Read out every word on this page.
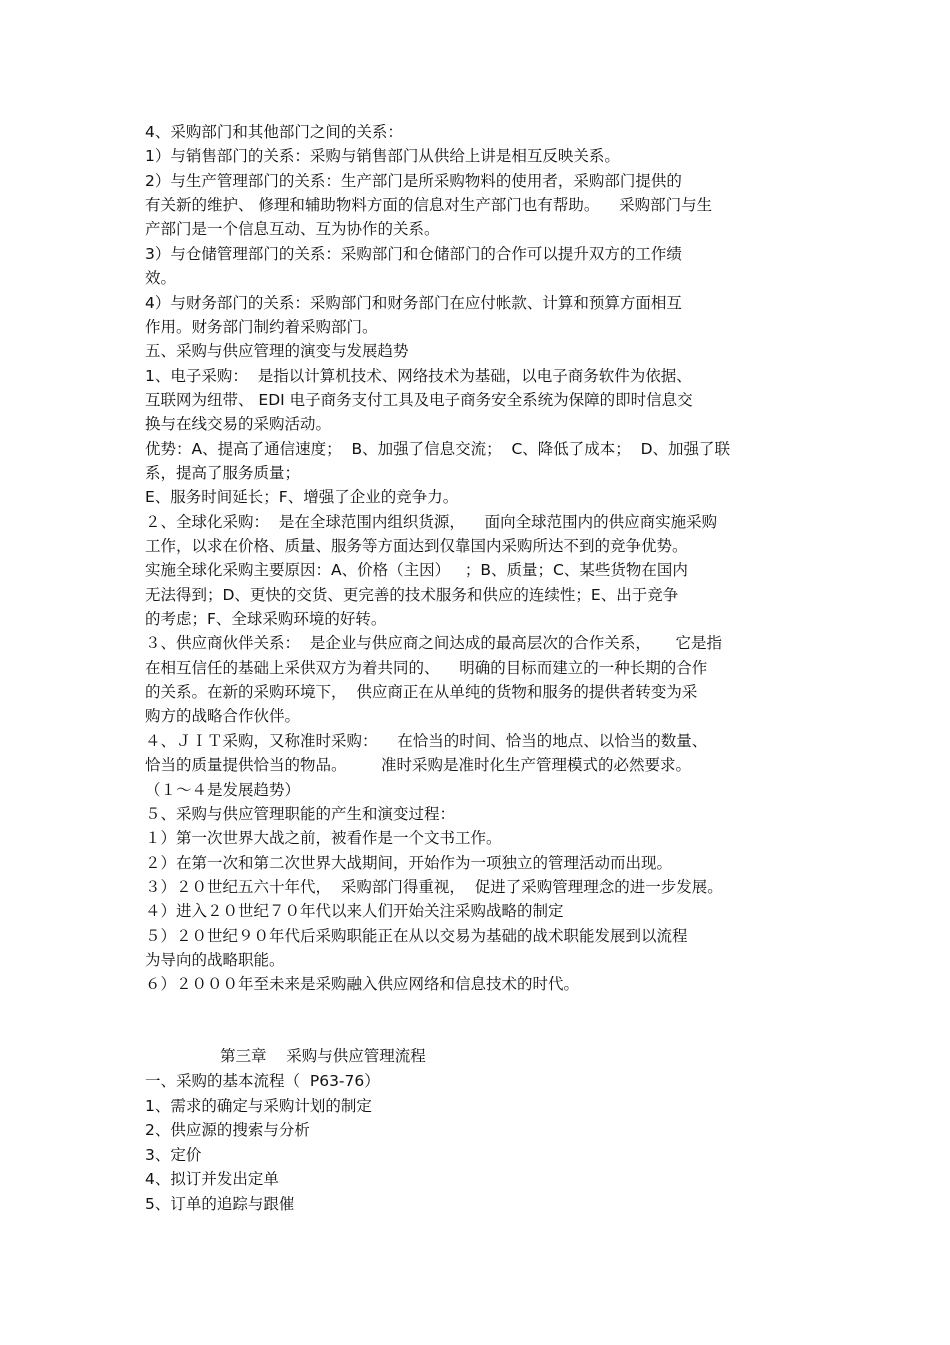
4、采购部门和其他部门之间的关系：
1）与销售部门的关系：采购与销售部门从供给上讲是相互反映关系。
2）与生产管理部门的关系：生产部门是所采购物料的使用者，采购部门提供的
有关新的维护、 修理和辅助物料方面的信息对生产部门也有帮助。    采购部门与生
产部门是一个信息互动、互为协作的关系。
3）与仓储管理部门的关系：采购部门和仓储部门的合作可以提升双方的工作绩
效。
4）与财务部门的关系：采购部门和财务部门在应付帐款、计算和预算方面相互
作用。财务部门制约着采购部门。
五、采购与供应管理的演变与发展趋势
1、电子采购：  是指以计算机技术、网络技术为基础，以电子商务软件为依据、
互联网为纽带、 EDI 电子商务支付工具及电子商务安全系统为保障的即时信息交
换与在线交易的采购活动。
优势：A、提高了通信速度；  B、加强了信息交流；  C、降低了成本；  D、加强了联
系，提高了服务质量；
E、服务时间延长；F、增强了企业的竞争力。
２、全球化采购：  是在全球范围内组织货源，    面向全球范围内的供应商实施采购
工作，以求在价格、质量、服务等方面达到仅靠国内采购所达不到的竞争优势。
实施全球化采购主要原因：A、价格（主因）   ；B、质量；C、某些货物在国内
无法得到；D、更快的交货、更完善的技术服务和供应的连续性；E、出于竞争
的考虑；F、全球采购环境的好转。
３、供应商伙伴关系：  是企业与供应商之间达成的最高层次的合作关系，     它是指
在相互信任的基础上采供双方为着共同的、    明确的目标而建立的一种长期的合作
的关系。在新的采购环境下，  供应商正在从单纯的货物和服务的提供者转变为采
购方的战略合作伙伴。
４、ＪＩＴ采购，又称准时采购：    在恰当的时间、恰当的地点、以恰当的数量、
恰当的质量提供恰当的物品。       准时采购是准时化生产管理模式的必然要求。
（１～４是发展趋势）
５、采购与供应管理职能的产生和演变过程：
１）第一次世界大战之前，被看作是一个文书工作。
２）在第一次和第二次世界大战期间，开始作为一项独立的管理活动而出现。
３）２０世纪五六十年代，  采购部门得重视，  促进了采购管理理念的进一步发展。
４）进入２０世纪７０年代以来人们开始关注采购战略的制定
５）２０世纪９０年代后采购职能正在从以交易为基础的战术职能发展到以流程
为导向的战略职能。
６）２０００年至未来是采购融入供应网络和信息技术的时代。
第三章    采购与供应管理流程
一、采购的基本流程（  P63-76）
1、需求的确定与采购计划的制定
2、供应源的搜索与分析
3、定价
4、拟订并发出定单
5、订单的追踪与跟催
